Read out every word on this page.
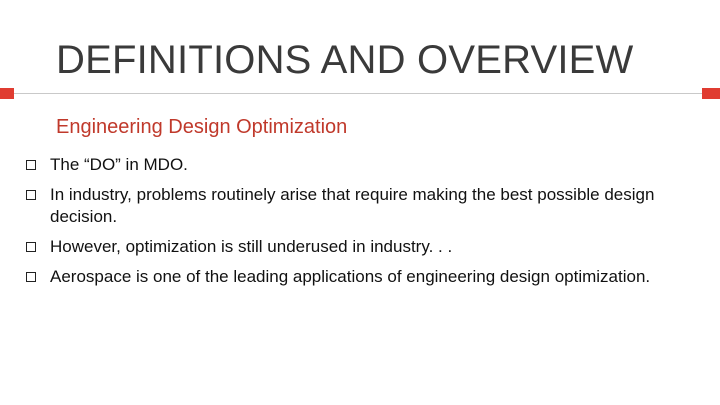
DEFINITIONS AND OVERVIEW
Engineering Design Optimization
The “DO” in MDO.
In industry, problems routinely arise that require making the best possible design decision.
However, optimization is still underused in industry. . .
Aerospace is one of the leading applications of engineering design optimization.
